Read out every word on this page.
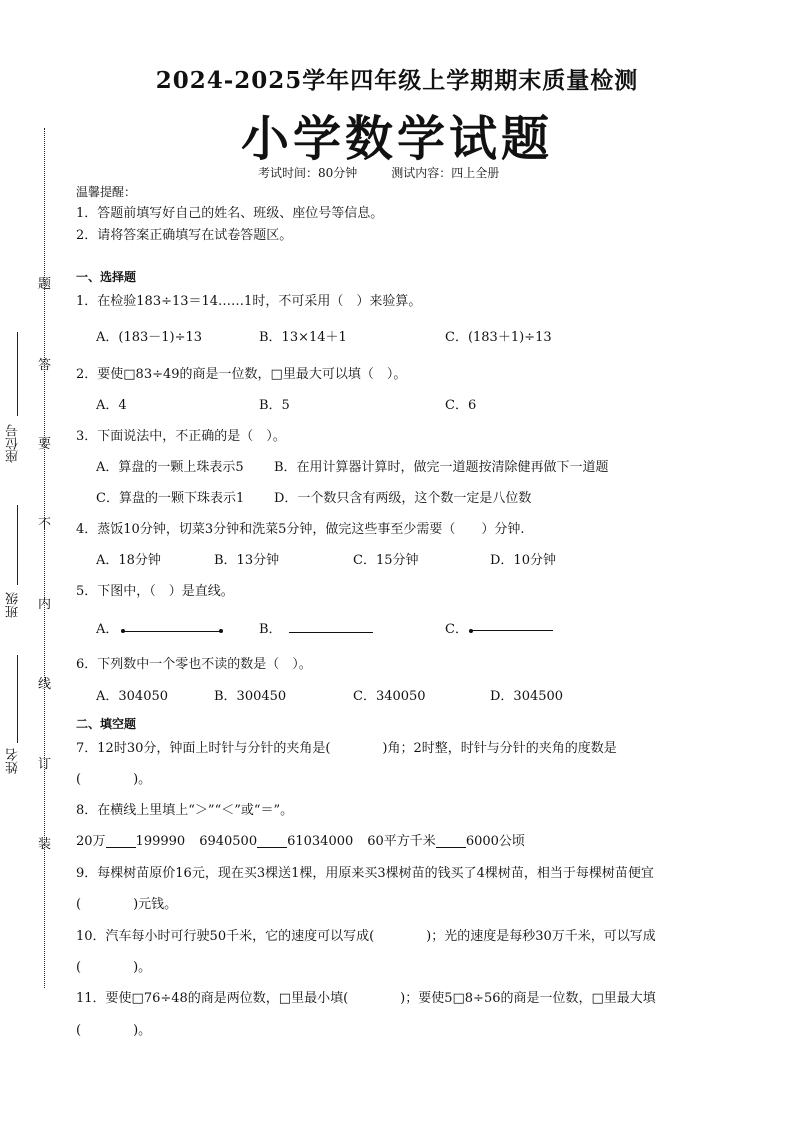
题
答
要
不
内
线
订
装
座位号
班级
姓名
2024-2025学年四年级上学期期末质量检测
小学数学试题
考试时间：80分钟	测试内容：四上全册
温馨提醒：
1．答题前填写好自己的姓名、班级、座位号等信息。
2．请将答案正确填写在试卷答题区。
一、选择题
1．在检验183÷13＝14……1时，不可采用（　）来验算。
A．(183－1)÷13	B．13×14＋1	C．(183＋1)÷13
2．要使□83÷49的商是一位数，□里最大可以填（　）。
A．4	B．5	C．6
3．下面说法中，不正确的是（　）。
A．算盘的一颗上珠表示5 B．在用计算器计算时，做完一道题按清除健再做下一道题
C．算盘的一颗下珠表示1 D．一个数只含有两级，这个数一定是八位数
4．蒸饭10分钟，切菜3分钟和洗菜5分钟，做完这些事至少需要（　　）分钟.
A．18分钟	B．13分钟	C．15分钟	D．10分钟
5．下图中，（　）是直线。
A．	B．	C．
6．下列数中一个零也不读的数是（　）。
A．304050	B．300450	C．340050	D．304500
二、填空题
7．12时30分，钟面上时针与分针的夹角是(　　　　)角；2时整，时针与分针的夹角的度数是
(　　　　)。
8．在横线上里填上“＞”“＜”或“＝”。
20万 199990 6940500 61034000 60平方千米 6000公顷
9．每棵树苗原价16元，现在买3棵送1棵，用原来买3棵树苗的钱买了4棵树苗，相当于每棵树苗便宜
(　　　　)元钱。
10．汽车每小时可行驶50千米，它的速度可以写成(　　　　)；光的速度是每秒30万千米，可以写成
(　　　　)。
11．要使□76÷48的商是两位数，□里最小填(　　　　)；要使5□8÷56的商是一位数，□里最大填
(　　　　)。
